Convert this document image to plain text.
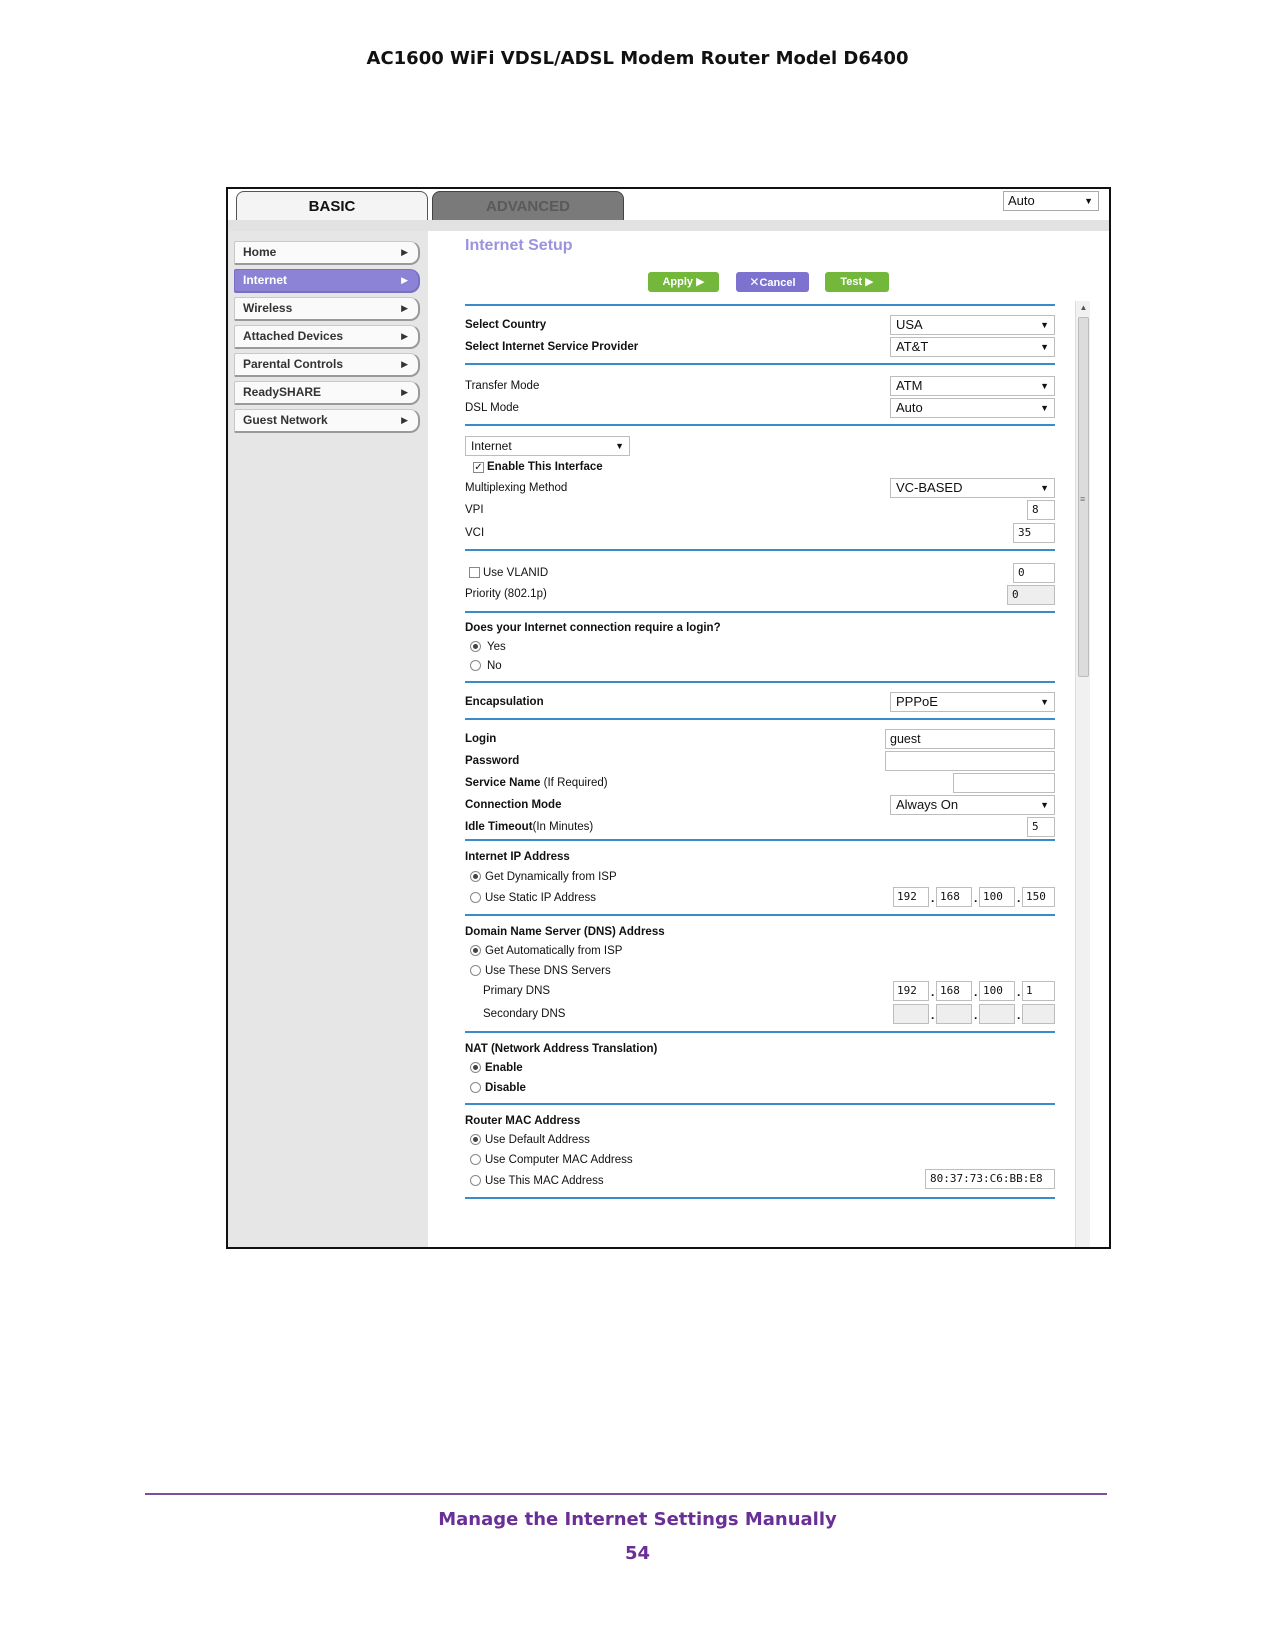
AC1600 WiFi VDSL/ADSL Modem Router Model D6400
BASIC	ADVANCED	Auto	▼
Home	▶
Internet	▶
Wireless	▶
Attached Devices	▶
Parental Controls	▶
ReadySHARE	▶
Guest Network	▶
Internet Setup
Apply ▶	✕Cancel	Test ▶
Select Country	USA	▼
Select Internet Service Provider	AT&T	▼
Transfer Mode	ATM	▼
DSL Mode	Auto	▼
Internet	▼
✓ Enable This Interface
Multiplexing Method	VC-BASED	▼
VPI	8
VCI	35
Use VLANID	0
Priority (802.1p)	0
Does your Internet connection require a login?
Yes
No
Encapsulation	PPPoE	▼
Login	guest
Password
Service Name (If Required)
Connection Mode	Always On	▼
Idle Timeout(In Minutes)	5
Internet IP Address
Get Dynamically from ISP
Use Static IP Address	192	. 168	. 100	. 150
Domain Name Server (DNS) Address
Get Automatically from ISP
Use These DNS Servers
Primary DNS	192	. 168	. 100	. 1
Secondary DNS	.	.	.
NAT (Network Address Translation)
Enable
Disable
Router MAC Address
Use Default Address
Use Computer MAC Address
Use This MAC Address	80:37:73:C6:BB:E8
▲
≡
Manage the Internet Settings Manually
54
